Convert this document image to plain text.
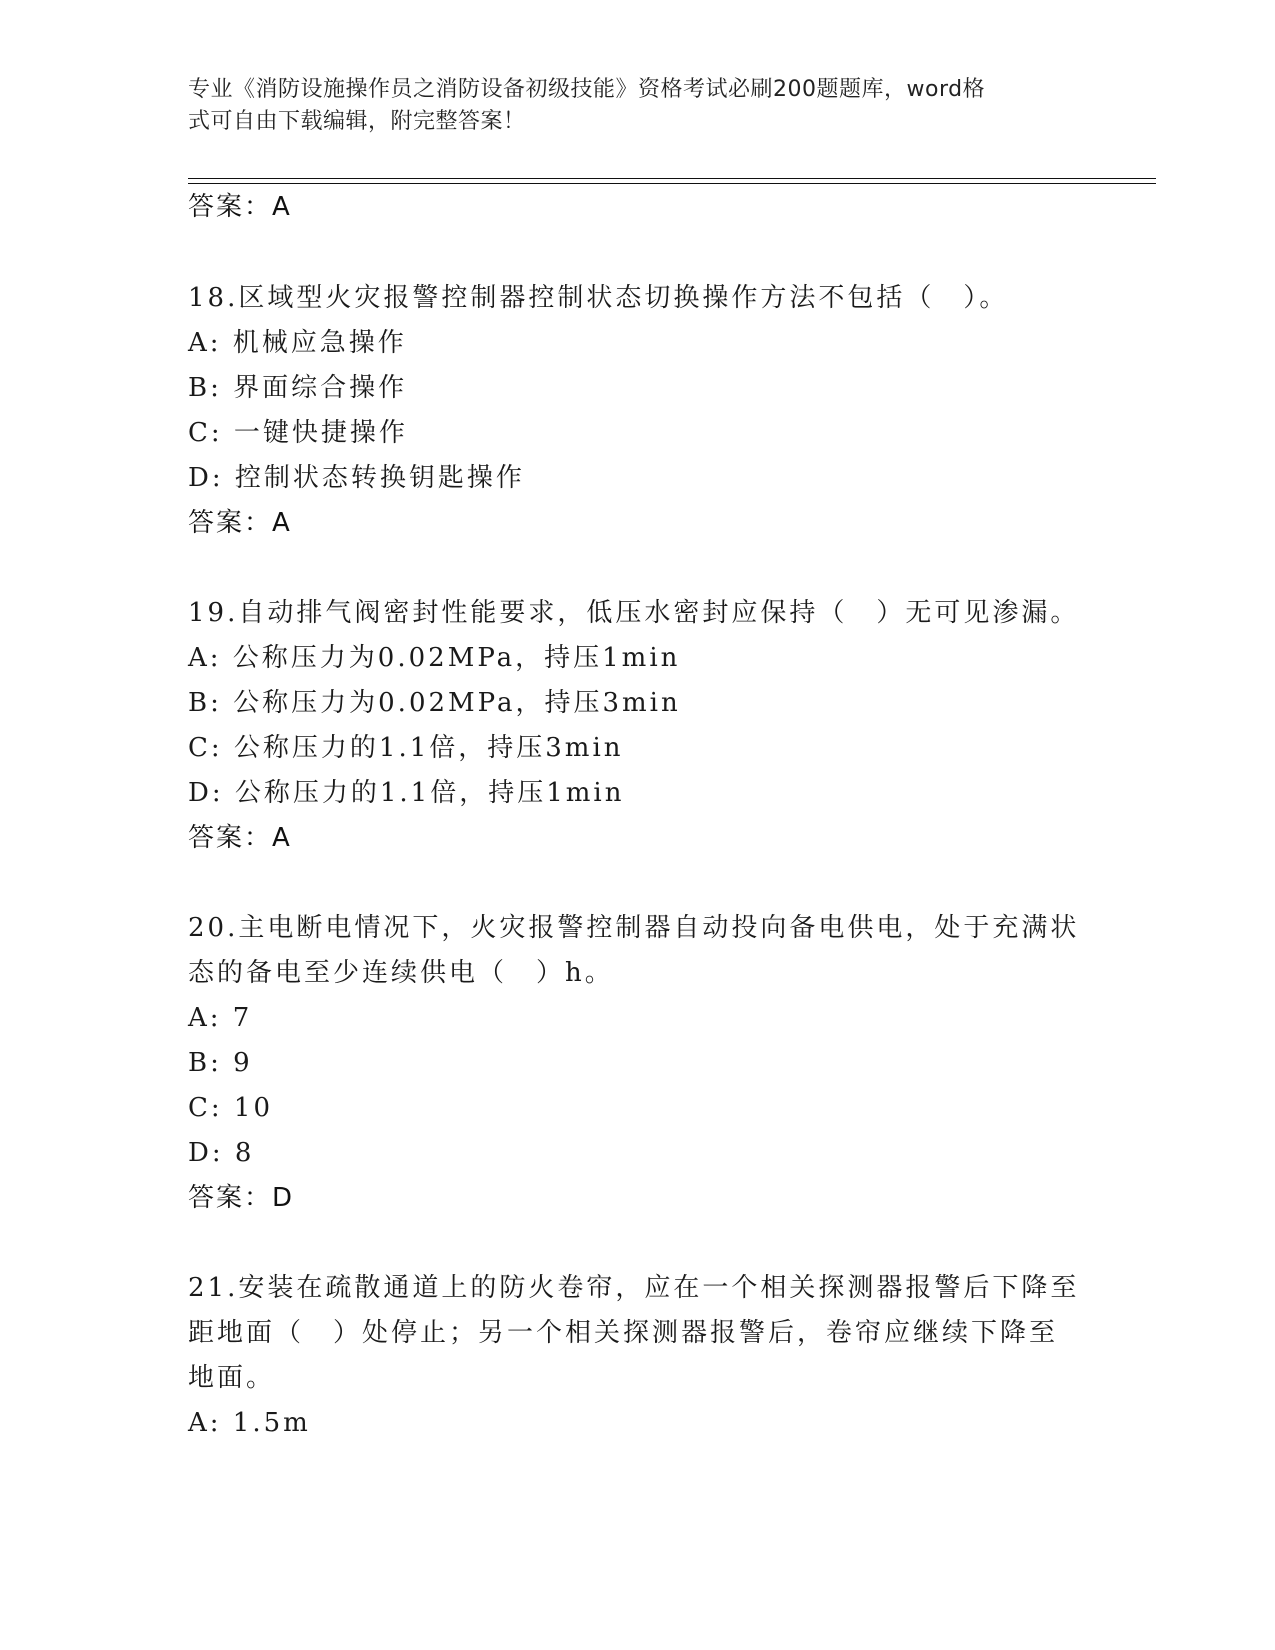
专业《消防设施操作员之消防设备初级技能》资格考试必刷200题题库，word格
式可自由下载编辑，附完整答案！
答案：A
18.区域型火灾报警控制器控制状态切换操作方法不包括（　）。
A: 机械应急操作
B: 界面综合操作
C: 一键快捷操作
D: 控制状态转换钥匙操作
答案：A
19.自动排气阀密封性能要求，低压水密封应保持（　）无可见渗漏。
A: 公称压力为0.02MPa，持压1min
B: 公称压力为0.02MPa，持压3min
C: 公称压力的1.1倍，持压3min
D: 公称压力的1.1倍，持压1min
答案：A
20.主电断电情况下，火灾报警控制器自动投向备电供电，处于充满状
态的备电至少连续供电（　）h。
A: 7
B: 9
C: 10
D: 8
答案：D
21.安装在疏散通道上的防火卷帘，应在一个相关探测器报警后下降至
距地面（　）处停止；另一个相关探测器报警后，卷帘应继续下降至
地面。
A: 1.5m
